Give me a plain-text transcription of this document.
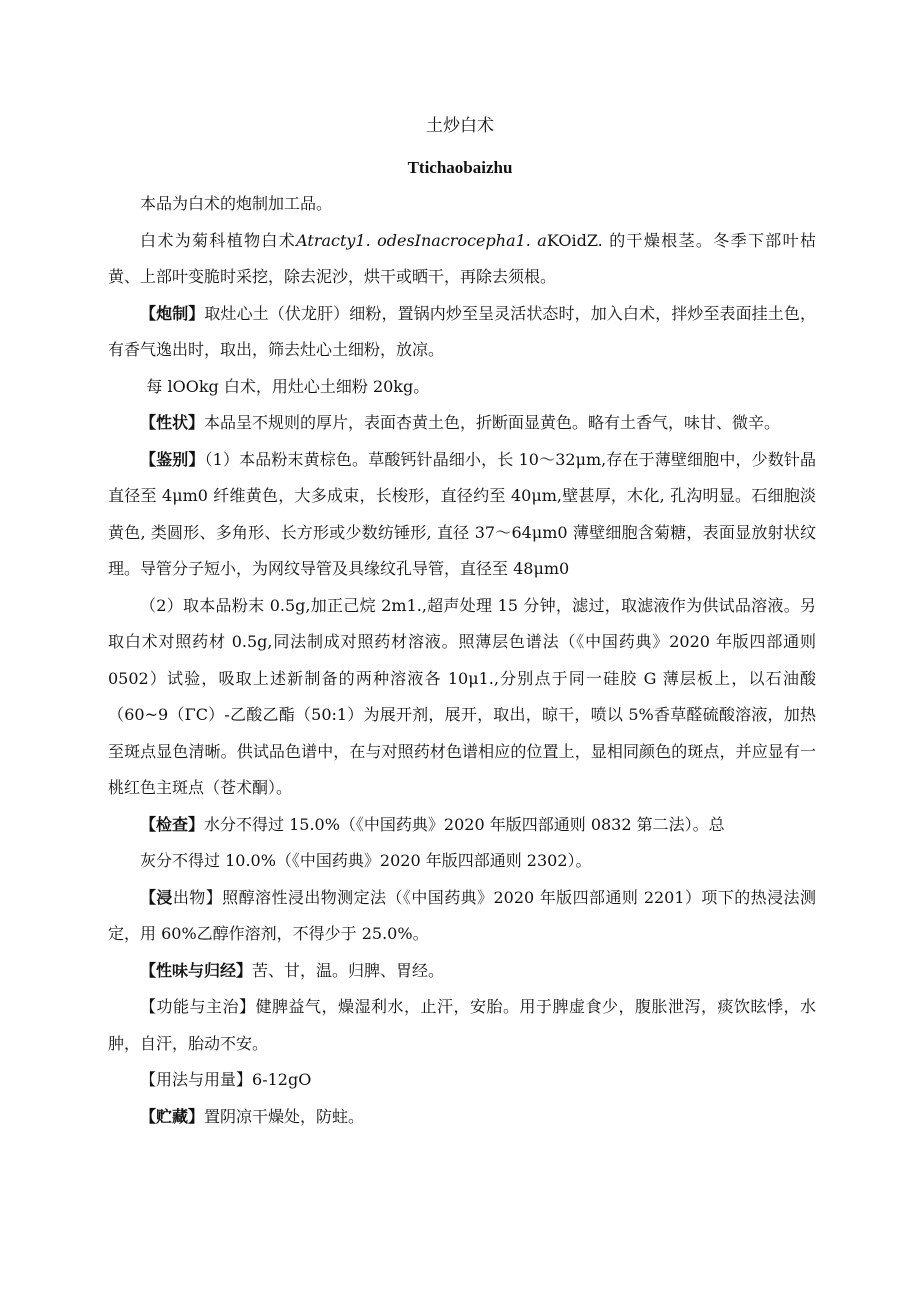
土炒白术
Ttichaobaizhu

本品为白术的炮制加工品。

白术为菊科植物白术Atracty1. odesInacrocepha1. aKOidZ. 的干燥根茎。冬季下部叶枯黄、上部叶变脆时采挖，除去泥沙，烘干或晒干，再除去须根。

【炮制】取灶心土（伏龙肝）细粉，置锅内炒至呈灵活状态时，加入白术，拌炒至表面挂土色，有香气逸出时，取出，筛去灶心土细粉，放凉。

每 lOOkg 白术，用灶心土细粉 20kg。

【性状】本品呈不规则的厚片，表面杏黄土色，折断面显黄色。略有土香气，味甘、微辛。

【鉴别】（1）本品粉末黄棕色。草酸钙针晶细小，长 10～32μm,存在于薄壁细胞中，少数针晶直径至 4μm0 纤维黄色，大多成束，长梭形，直径约至 40μm,壁甚厚，木化, 孔沟明显。石细胞淡黄色, 类圆形、多角形、长方形或少数纺锤形, 直径 37～64μm0 薄壁细胞含菊糖，表面显放射状纹理。导管分子短小，为网纹导管及具缘纹孔导管，直径至 48μm0

（2）取本品粉末 0.5g,加正己烷 2m1.,超声处理 15 分钟，滤过，取滤液作为供试品溶液。另取白术对照药材 0.5g,同法制成对照药材溶液。照薄层色谱法（《中国药典》2020 年版四部通则 0502）试验，吸取上述新制备的两种溶液各 10μ1.,分别点于同一硅胶 G 薄层板上，以石油酸（60~9（ΓC）-乙酸乙酯（50:1）为展开剂，展开，取出，晾干，喷以 5%香草醛硫酸溶液，加热至斑点显色清晰。供试品色谱中，在与对照药材色谱相应的位置上，显相同颜色的斑点，并应显有一桃红色主斑点（苍术酮）。

【检查】水分不得过 15.0%（《中国药典》2020 年版四部通则 0832 第二法）。总

灰分不得过 10.0%（《中国药典》2020 年版四部通则 2302）。

【浸出物】照醇溶性浸出物测定法（《中国药典》2020 年版四部通则 2201）项下的热浸法测定，用 60%乙醇作溶剂，不得少于 25.0%。

【性味与归经】苦、甘，温。归脾、胃经。

【功能与主治】健脾益气，燥湿利水，止汗，安胎。用于脾虚食少，腹胀泄泻，痰饮眩悸，水肿，自汗，胎动不安。

【用法与用量】6-12gO

【贮藏】置阴凉干燥处，防蛀。
